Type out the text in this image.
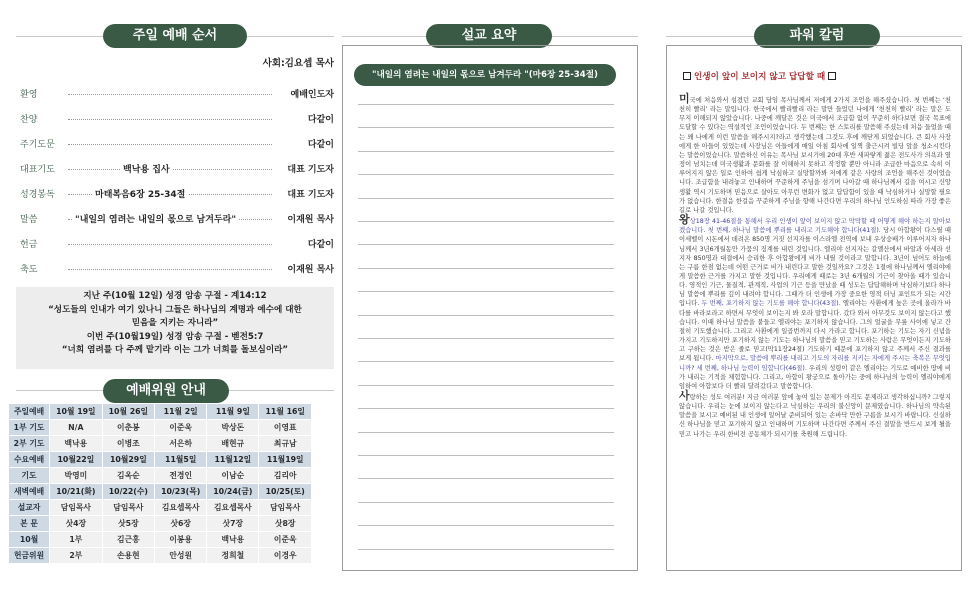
주일 예배 순서
사회:김요셉 목사
환영	예배인도자
찬양	다같이
주기도문	다같이
대표기도	백낙용 집사	대표 기도자
성경봉독	마태복음6장 25-34절	대표 기도자
말씀	"내일의 염려는 내일의 몫으로 남겨두라"	이재원 목사
헌금	다같이
축도	이재원 목사
지난 주(10월 12일) 성경 암송 구절 - 계14:12
“성도들의 인내가 여기 있나니 그들은 하나님의 계명과 예수에 대한
믿음을 지키는 자니라”
이번 주(10월19일) 성경 암송 구절 - 벧전5:7
“너희 염려를 다 주께 맡기라 이는 그가 너희를 돌보심이라”
예배위원 안내
주일예배	10월 19일	10월 26일	11월 2일	11월 9일	11월 16일
1부 기도	N/A	이춘봉	이준욱	박상돈	이영표
2부 기도	백낙용	이병조	서은하	배현규	최규남
수요예배	10월22일	10월29일	11월5일	11월12일	11월19일
기도	박영미	김옥순	전경인	이남순	김리아
새벽예배	10/21(화)	10/22(수)	10/23(목)	10/24(금)	10/25(토)
설교자	담임목사	담임목사	김요셉목사	김요셉목사	담임목사
본 문	삿4장	삿5장	삿6장	삿7장	삿8장
10월	1부	김근홍	이봉용	백낙용	이준욱
헌금위원	2부	손용현	안성원	정희철	이경우
설교 요약
"내일의 염려는 내일의 몫으로 남겨두라 "(마6장 25-34절)
파워 칼럼
인생이 앞이 보이지 않고 답답할 때
미국에 처음와서 섬겼던 교회 담임 목사님께서 저에게 2가지 조언을 해주셨습니다. 첫 번째는 ‘천천히 빨리’ 라는 말입니다. 한국에서 빨리빨리 라는 말만 들었던 나에게 ‘천천히 빨리’ 라는 말은 도무지 이해되지 않았습니다. 나중에 깨달은 것은 미국에서 조급함 없이 꾸준히 하다보면 결국 목표에 도달할 수 있다는 역설적인 조언이었습니다. 두 번째는 한 스토리를 말씀해 주셨는데 처음 들었을 때는 왜 나에게 이런 말씀을 해주시지?라고 생각했는데 그것도 후에 깨닫게 되었습니다. 큰 회사 사장에게 한 아들이 있었는데 사장님은 아들에게 매일 아침 회사에 일찍 출근시켜 빌딩 앞을 청소시킨다는 말씀이었습니다. 말씀하신 이유는 목사님 보시기에 20대 후반 새파랗게 젊은 전도사가 의욕과 열정이 넘치는데 미국생활과 문화를 잘 이해하지 못하고 작정할 뿐만 아니라 조급한 마음으로 속히 이루어지지 않은 일로 인하여 쉽게 낙심하고 실망할까봐 저에게 같은 사랑의 조언을 해주신 것이었습니다. 조급함을 내려놓고 인내하며 꾸준하게 주님을 섬기며 나아갈 때 하나님께서 길을 여시고 신앙생활 역시 기도하며 믿음으로 살아도 아무런 변화가 없고 답답함이 있을 때 낙심하거나 실망할 필요가 없습니다. 한결음 한걸음 꾸준하게 주님을 향해 나간다면 우리의 하나님 인도하심 따라 가장 좋은 길로 나갈 것입니다.
왕상18장 41-46절을 통해서 우리 인생이 앞이 보이지 않고 막막할 때 어떻게 해야 하는지 알아보겠습니다. 첫 번째, 하나님 말씀에 뿌리를 내리고 기도해야 합니다(41절). 당시 아합왕이 다스릴 때 이세벨이 시돈에서 데려온 850명 거짓 선지자를 이스라엘 전역에 보내 우상숭배가 이루어지자 하나님께서 3년6개월동안 가뭄의 징계를 내린 것입니다. 엘리야 선지자는 갈멜산에서 바알과 아세라 선지자 850명과 대결에서 승리한 후 아합왕에게 비가 내릴 것이라고 말합니다. 3년이 넘어도 하늘에는 구름 한점 없는데 어떤 근거로 비가 내린다고 말한 것일까요? 그것은 1절에 하나님께서 엘리야에게 말씀한 근거를 가지고 말한 것입니다. 우리에게 때로는 3년 6개월의 기근이 찾아올 때가 있습니다. 영적인 기근, 물질적, 관계적, 사업의 기근 등을 만났을 때 성도는 답답해하며 낙심하기보다 하나님 말씀에 뿌리를 깊이 내려야 합니다. 그때가 더 인생에 가장 중요한 영적 터닝 포인트가 되는 시간입니다. 두 번째, 포기하지 않는 기도를 해야 합니다(43절). 엘리야는 사환에게 높은 곳에 올라가 바다를 바라보라고 하면서 무엇이 보이는지 봐 오라 말합니다. 갔다 와서 아무것도 보이지 않는다고 했습니다. 이때 하나님 말씀을 붙들고 엘리야는 포기하지 않습니다. 그의 얼굴을 무릎 사이에 넣고 간절히 기도했습니다. 그리고 사환에게 일곱번까지 다시 가라고 합니다. 포기하는 기도는 자기 신념을 가지고 기도하지만 포기하지 않는 기도는 하나님의 말씀을 믿고 기도하는 사람은 무엇이든지 기도하고 구하는 것은 받은 줄로 믿고(막11장24절) 기도하기 때문에 포기하지 않고 주께서 주신 결과를 보게 됩니다. 마지막으로, 말씀에 뿌리를 내리고 기도의 자리를 지키는 자에게 주시는 축복은 무엇입니까? 세 번째, 하나님 능력이 임합니다(46절). 우리의 성령이 같은 엘리야는 기도로 예비한 땅에 비가 내리는 기적을 체험합니다. 그리고, 아합이 왕궁으로 돌아가는 중에 하나님의 능력이 엘리야에게 임하여 아합보다 더 빨리 달려갔다고 말씀합니다.
사랑하는 성도 여러분! 지금 여러분 앞에 놓여 있는 문제가 아직도 문제라고 생각하십니까? 그렇지 않습니다. 우리는 눈에 보이지 않는다고 낙심하는 우리의 불신앙이 문제였습니다. 하나님의 약속된 말씀을 보시고 예비된 내 인생에 일어날 준비되어 있는 손바닥 만한 구름을 보시기 바랍니다. 신실하신 하나님을 믿고 포기하지 않고 인내하며 기도하며 나간다면 주께서 주신 결말을 반드시 보게 될을 믿고 나가는 우리 한비전 공동체가 되시기를 축원해 드립니다.
